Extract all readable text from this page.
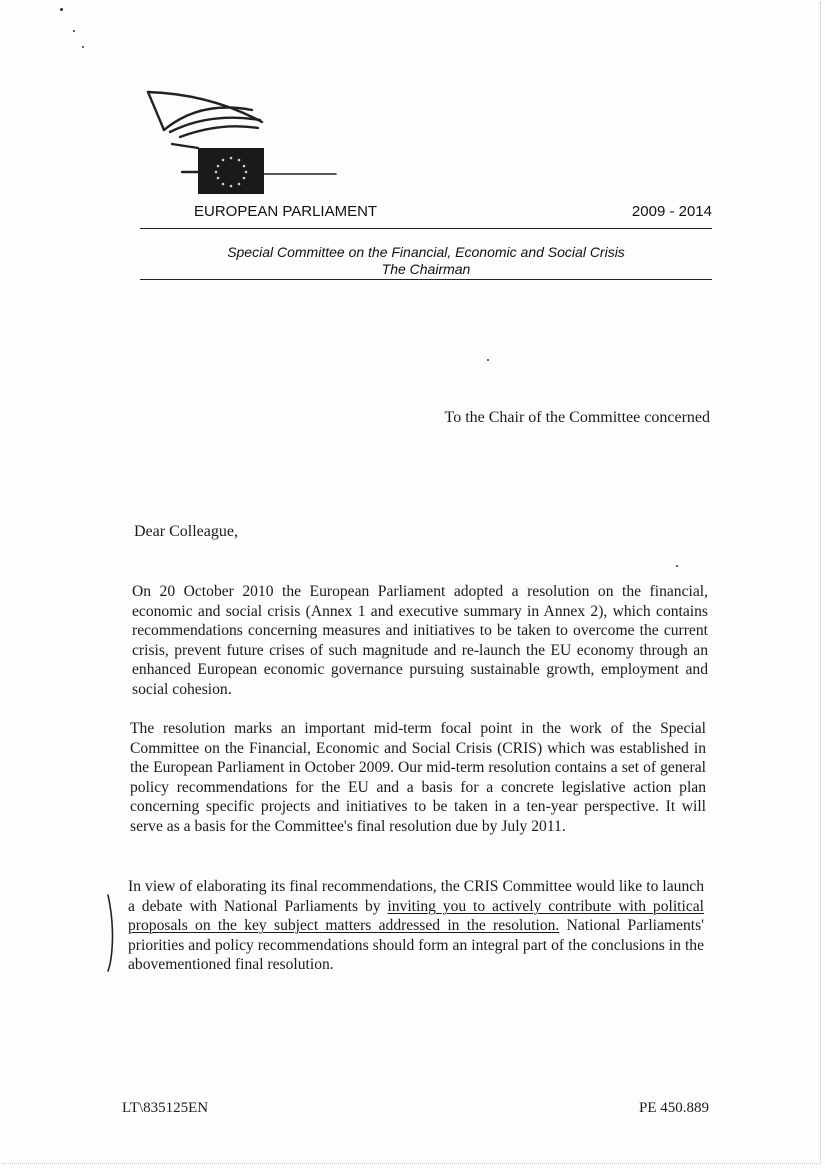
EUROPEAN PARLIAMENT	2009 - 2014
Special Committee on the Financial, Economic and Social Crisis
The Chairman
To the Chair of the Committee concerned
Dear Colleague,

On 20 October 2010 the European Parliament adopted a resolution on the financial, economic and social crisis (Annex 1 and executive summary in Annex 2), which contains recommendations concerning measures and initiatives to be taken to overcome the current crisis, prevent future crises of such magnitude and re-launch the EU economy through an enhanced European economic governance pursuing sustainable growth, employment and social cohesion.

The resolution marks an important mid-term focal point in the work of the Special Committee on the Financial, Economic and Social Crisis (CRIS) which was established in the European Parliament in October 2009. Our mid-term resolution contains a set of general policy recommendations for the EU and a basis for a concrete legislative action plan concerning specific projects and initiatives to be taken in a ten-year perspective. It will serve as a basis for the Committee's final resolution due by July 2011.

In view of elaborating its final recommendations, the CRIS Committee would like to launch a debate with National Parliaments by inviting you to actively contribute with political proposals on the key subject matters addressed in the resolution. National Parliaments' priorities and policy recommendations should form an integral part of the conclusions in the abovementioned final resolution.

LT\835125EN	PE 450.889
